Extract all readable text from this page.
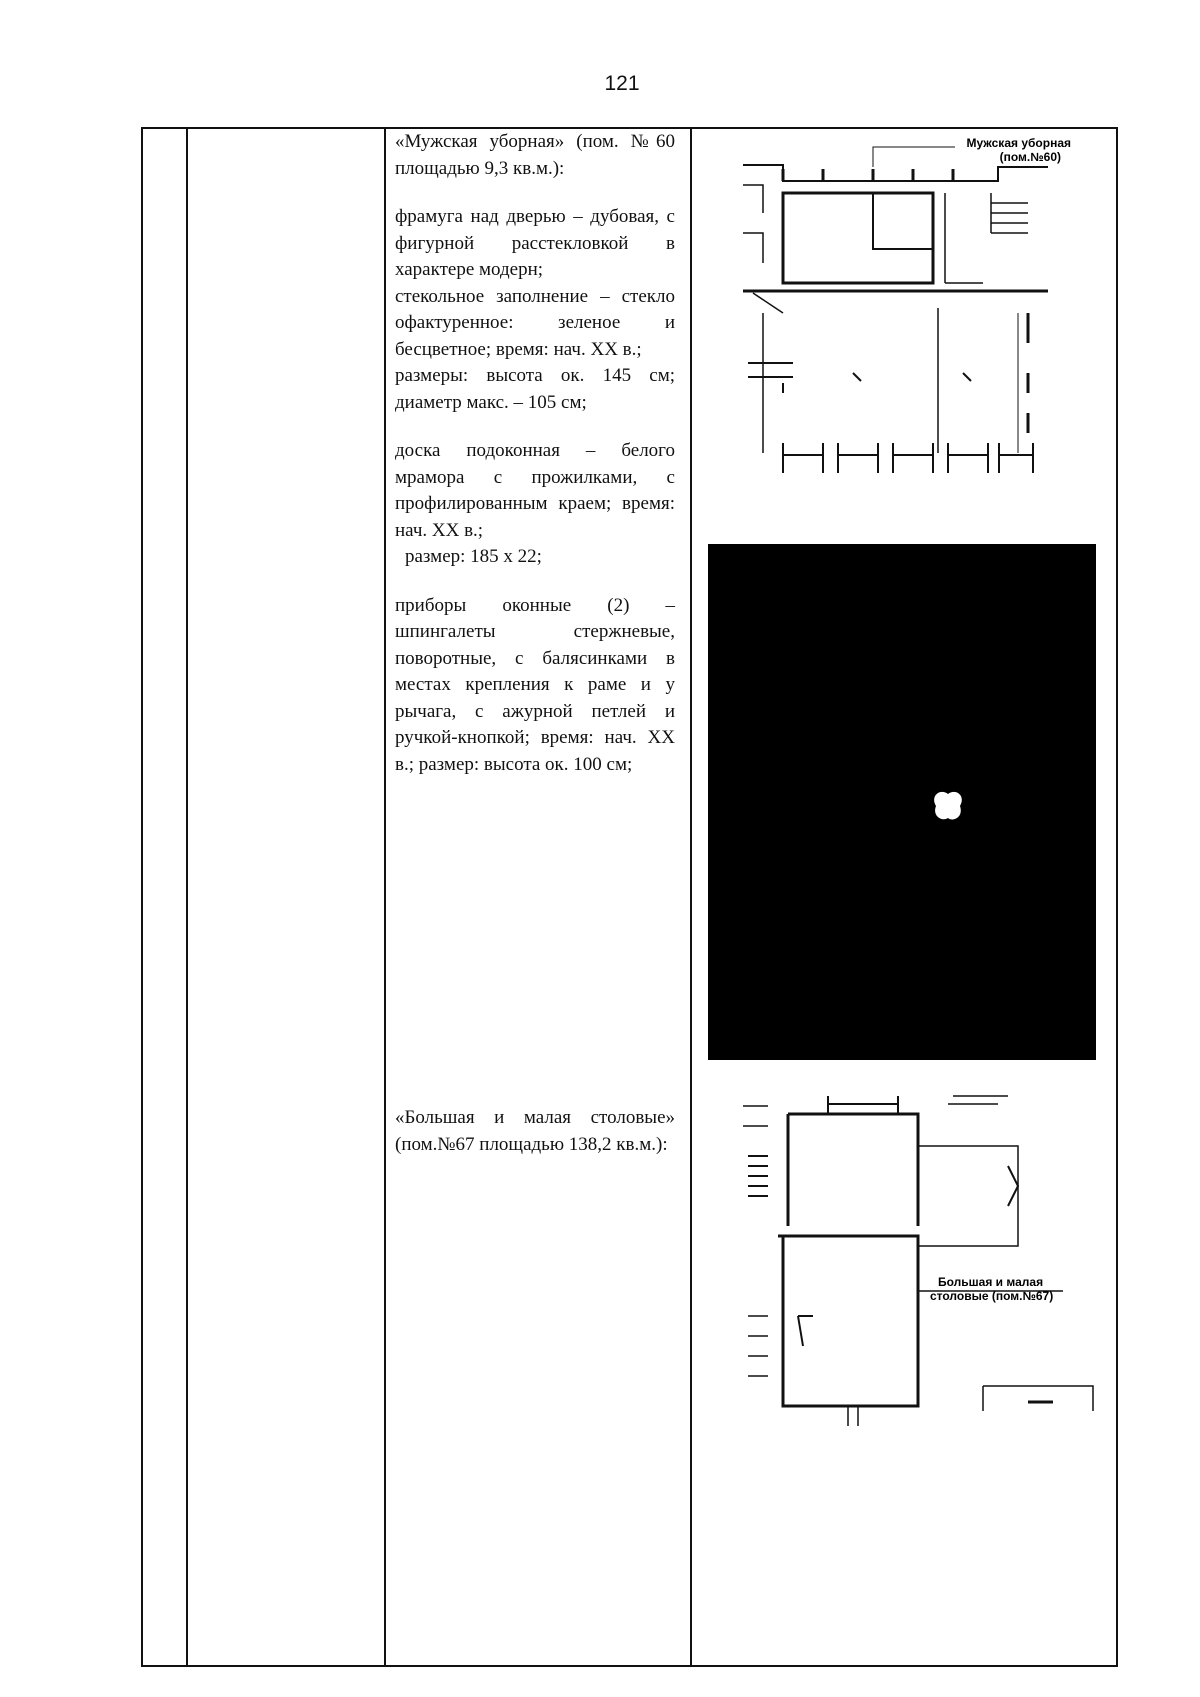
121

«Мужская уборная» (пом. №60 площадью 9,3 кв.м.):

фрамуга над дверью – дубовая, с фигурной расстекловкой в характере модерн;

стекольное заполнение – стекло офактуренное: зеленое и бесцветное; время: нач. XX в.;

размеры: высота ок. 145 см; диаметр макс. – 105 см;

доска подоконная – белого мрамора с прожилками, с профилированным краем; время: нач. XX в.;

размер: 185 х 22;

приборы оконные (2) – шпингалеты стержневые, поворотные, с балясинками в местах крепления к раме и у рычага, с ажурной петлей и ручкой-кнопкой; время: нач. XX в.; размер: высота ок. 100 см;

«Большая и малая столовые» (пом.№67 площадью 138,2 кв.м.):

Мужская уборная
(пом.№60)
Большая и малая
столовые (пом.№67)
